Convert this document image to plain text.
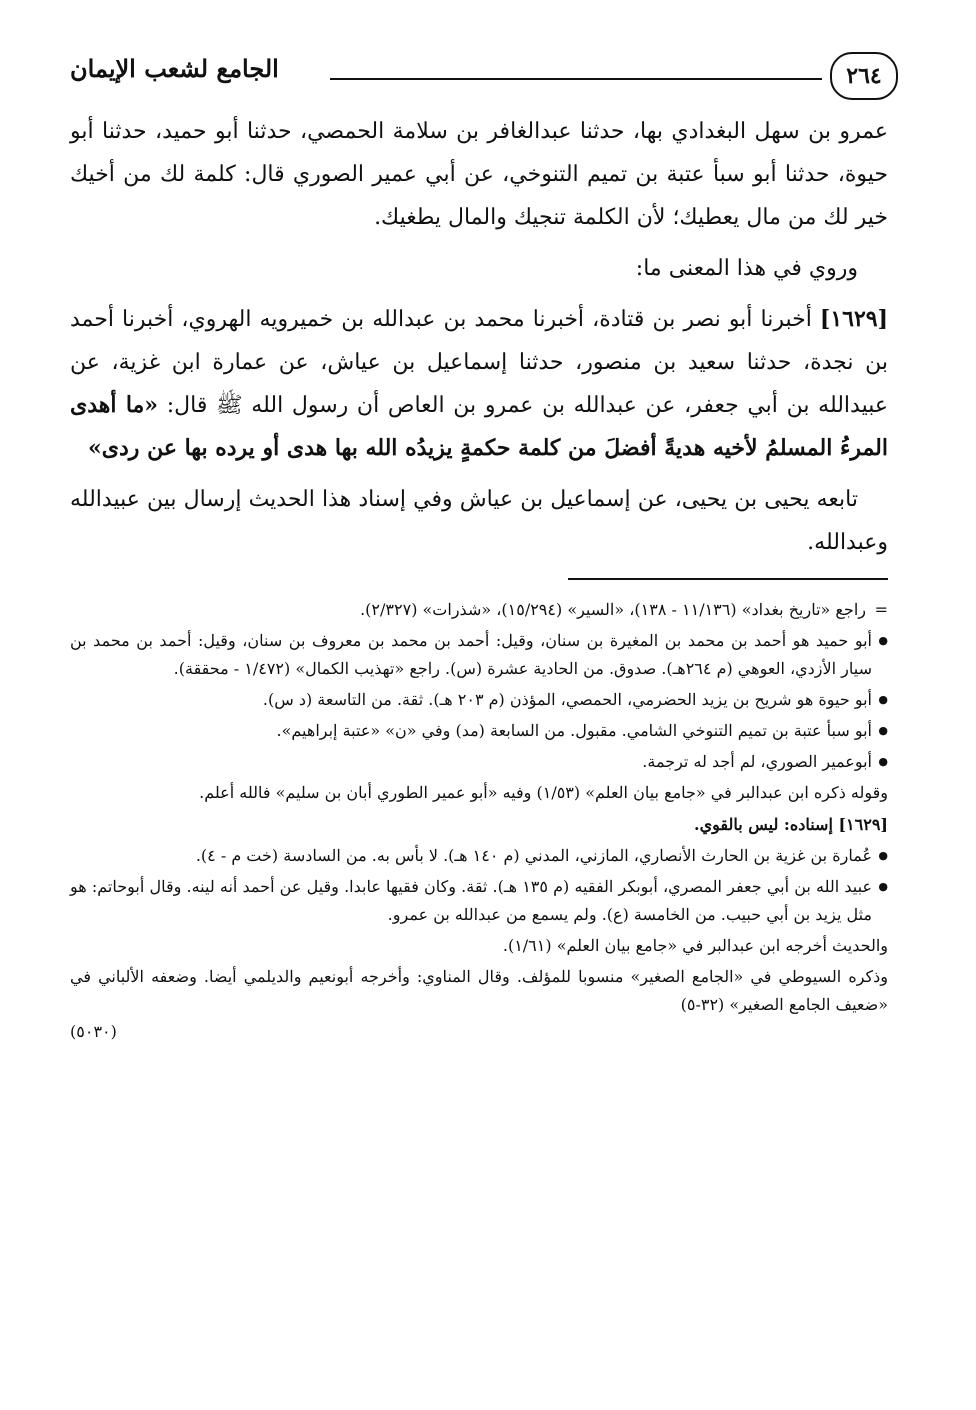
٢٦٤
الجامع لشعب الإيمان

عمرو بن سهل البغدادي بها، حدثنا عبدالغافر بن سلامة الحمصي، حدثنا أبو حميد، حدثنا أبو حيوة، حدثنا أبو سبأ عتبة بن تميم التنوخي، عن أبي عمير الصوري قال: كلمة لك من أخيك خير لك من مال يعطيك؛ لأن الكلمة تنجيك والمال يطغيك.

وروي في هذا المعنى ما:

[١٦٢٩] أخبرنا أبو نصر بن قتادة، أخبرنا محمد بن عبدالله بن خميرويه الهروي، أخبرنا أحمد بن نجدة، حدثنا سعيد بن منصور، حدثنا إسماعيل بن عياش، عن عمارة ابن غزية، عن عبيدالله بن أبي جعفر، عن عبدالله بن عمرو بن العاص أن رسول الله ﷺ قال: «ما أهدى المرءُ المسلمُ لأخيه هديةً أفضلَ من كلمة حكمةٍ يزيدُه الله بها هدى أو يرده بها عن ردى»

تابعه يحيى بن يحيى، عن إسماعيل بن عياش وفي إسناد هذا الحديث إرسال بين عبيدالله وعبدالله.

= راجع «تاريخ بغداد» (١١/١٣٦ - ١٣٨)، «السير» (١٥/٢٩٤)، «شذرات» (٢/٣٢٧).

● أبو حميد هو أحمد بن محمد بن المغيرة بن سنان، وقيل: أحمد بن محمد بن معروف بن سنان، وقيل: أحمد بن محمد بن سيار الأزدي، العوهي (م ٢٦٤هـ). صدوق. من الحادية عشرة (س). راجع «تهذيب الكمال» (١/٤٧٢ - محققة).

● أبو حيوة هو شريح بن يزيد الحضرمي، الحمصي، المؤذن (م ٢٠٣ هـ). ثقة. من التاسعة (د س).

● أبو سبأ عتبة بن تميم التنوخي الشامي. مقبول. من السابعة (مد) وفي «ن» «عتبة إبراهيم».

● أبوعمير الصوري، لم أجد له ترجمة.

وقوله ذكره ابن عبدالبر في «جامع بيان العلم» (١/٥٣) وفيه «أبو عمير الطوري أبان بن سليم» فالله أعلم.

[١٦٢٩] إسناده: ليس بالقوي.

● عُمارة بن غزية بن الحارث الأنصاري، المازني، المدني (م ١٤٠ هـ). لا بأس به. من السادسة (خت م - ٤).

● عبيد الله بن أبي جعفر المصري، أبوبكر الفقيه (م ١٣٥ هـ). ثقة. وكان فقيها عابدا. وقيل عن أحمد أنه لينه. وقال أبوحاتم: هو مثل يزيد بن أبي حبيب. من الخامسة (ع). ولم يسمع من عبدالله بن عمرو.

والحديث أخرجه ابن عبدالبر في «جامع بيان العلم» (١/٦١).

وذكره السيوطي في «الجامع الصغير» منسوبا للمؤلف. وقال المناوي: وأخرجه أبونعيم والديلمي أيضا. وضعفه الألباني في «ضعيف الجامع الصغير» (٣٢-٥)

(٥٠٣٠)
